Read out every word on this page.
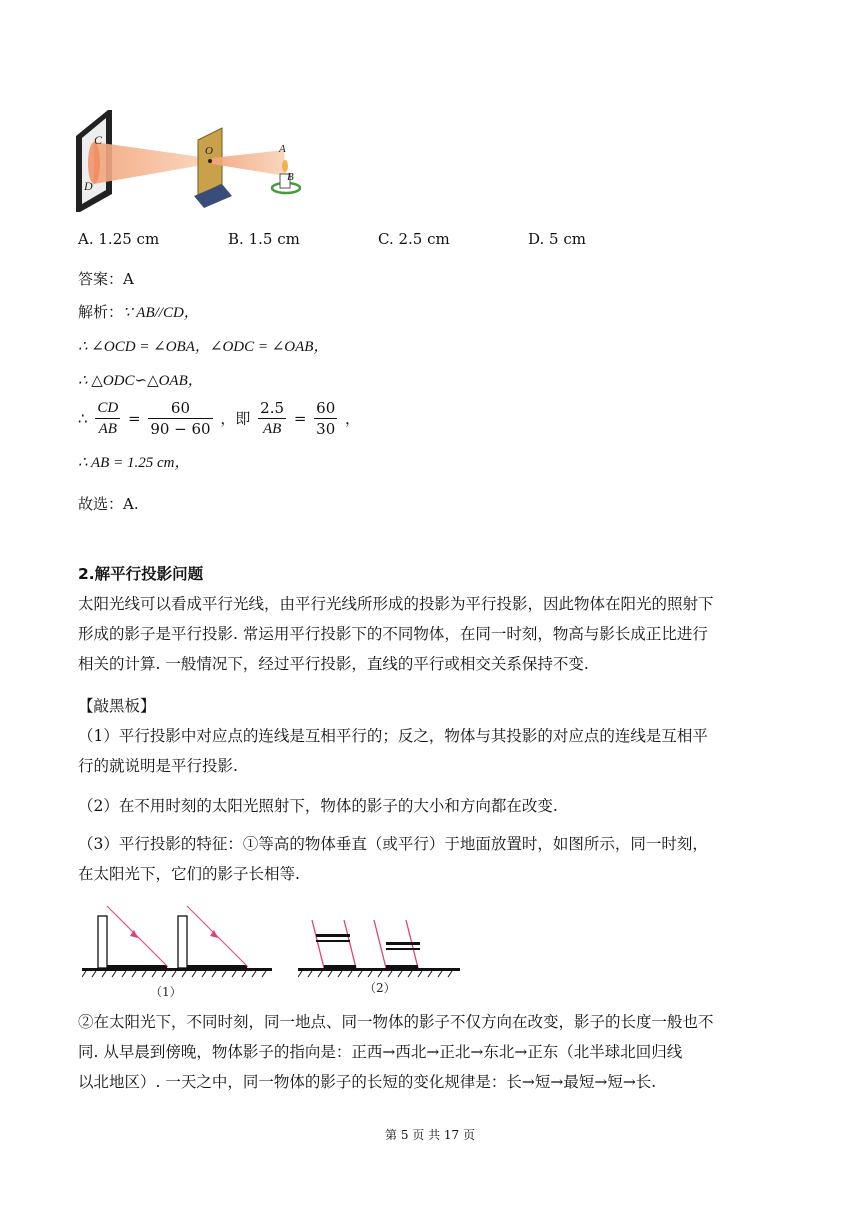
C
D
O	A
B
A. 1.25 cm	B. 1.5 cm	C. 2.5 cm	D. 5 cm
答案：A
解析：∵ AB//CD，
∴ ∠OCD = ∠OBA，∠ODC = ∠OAB，
∴ △ODC∽△OAB，
∴ $\frac{CD}{AB} = \frac{60}{90 - 60}$ ，即 $\frac{2.5}{AB} = \frac{60}{30}$ ，
∴ AB = 1.25 cm，
故选：A.
2.解平行投影问题
太阳光线可以看成平行光线，由平行光线所形成的投影为平行投影，因此物体在阳光的照射下
形成的影子是平行投影. 常运用平行投影下的不同物体，在同一时刻，物高与影长成正比进行
相关的计算. 一般情况下，经过平行投影，直线的平行或相交关系保持不变.
【敲黑板】
（1）平行投影中对应点的连线是互相平行的；反之，物体与其投影的对应点的连线是互相平
行的就说明是平行投影.
（2）在不用时刻的太阳光照射下，物体的影子的大小和方向都在改变.
（3）平行投影的特征：①等高的物体垂直（或平行）于地面放置时，如图所示，同一时刻，
在太阳光下，它们的影子长相等.
（1）	（2）
②在太阳光下，不同时刻，同一地点、同一物体的影子不仅方向在改变，影子的长度一般也不
同. 从早晨到傍晚，物体影子的指向是：正西→西北→正北→东北→正东（北半球北回归线
以北地区）. 一天之中，同一物体的影子的长短的变化规律是：长→短→最短→短→长.
第 5 页 共 17 页
